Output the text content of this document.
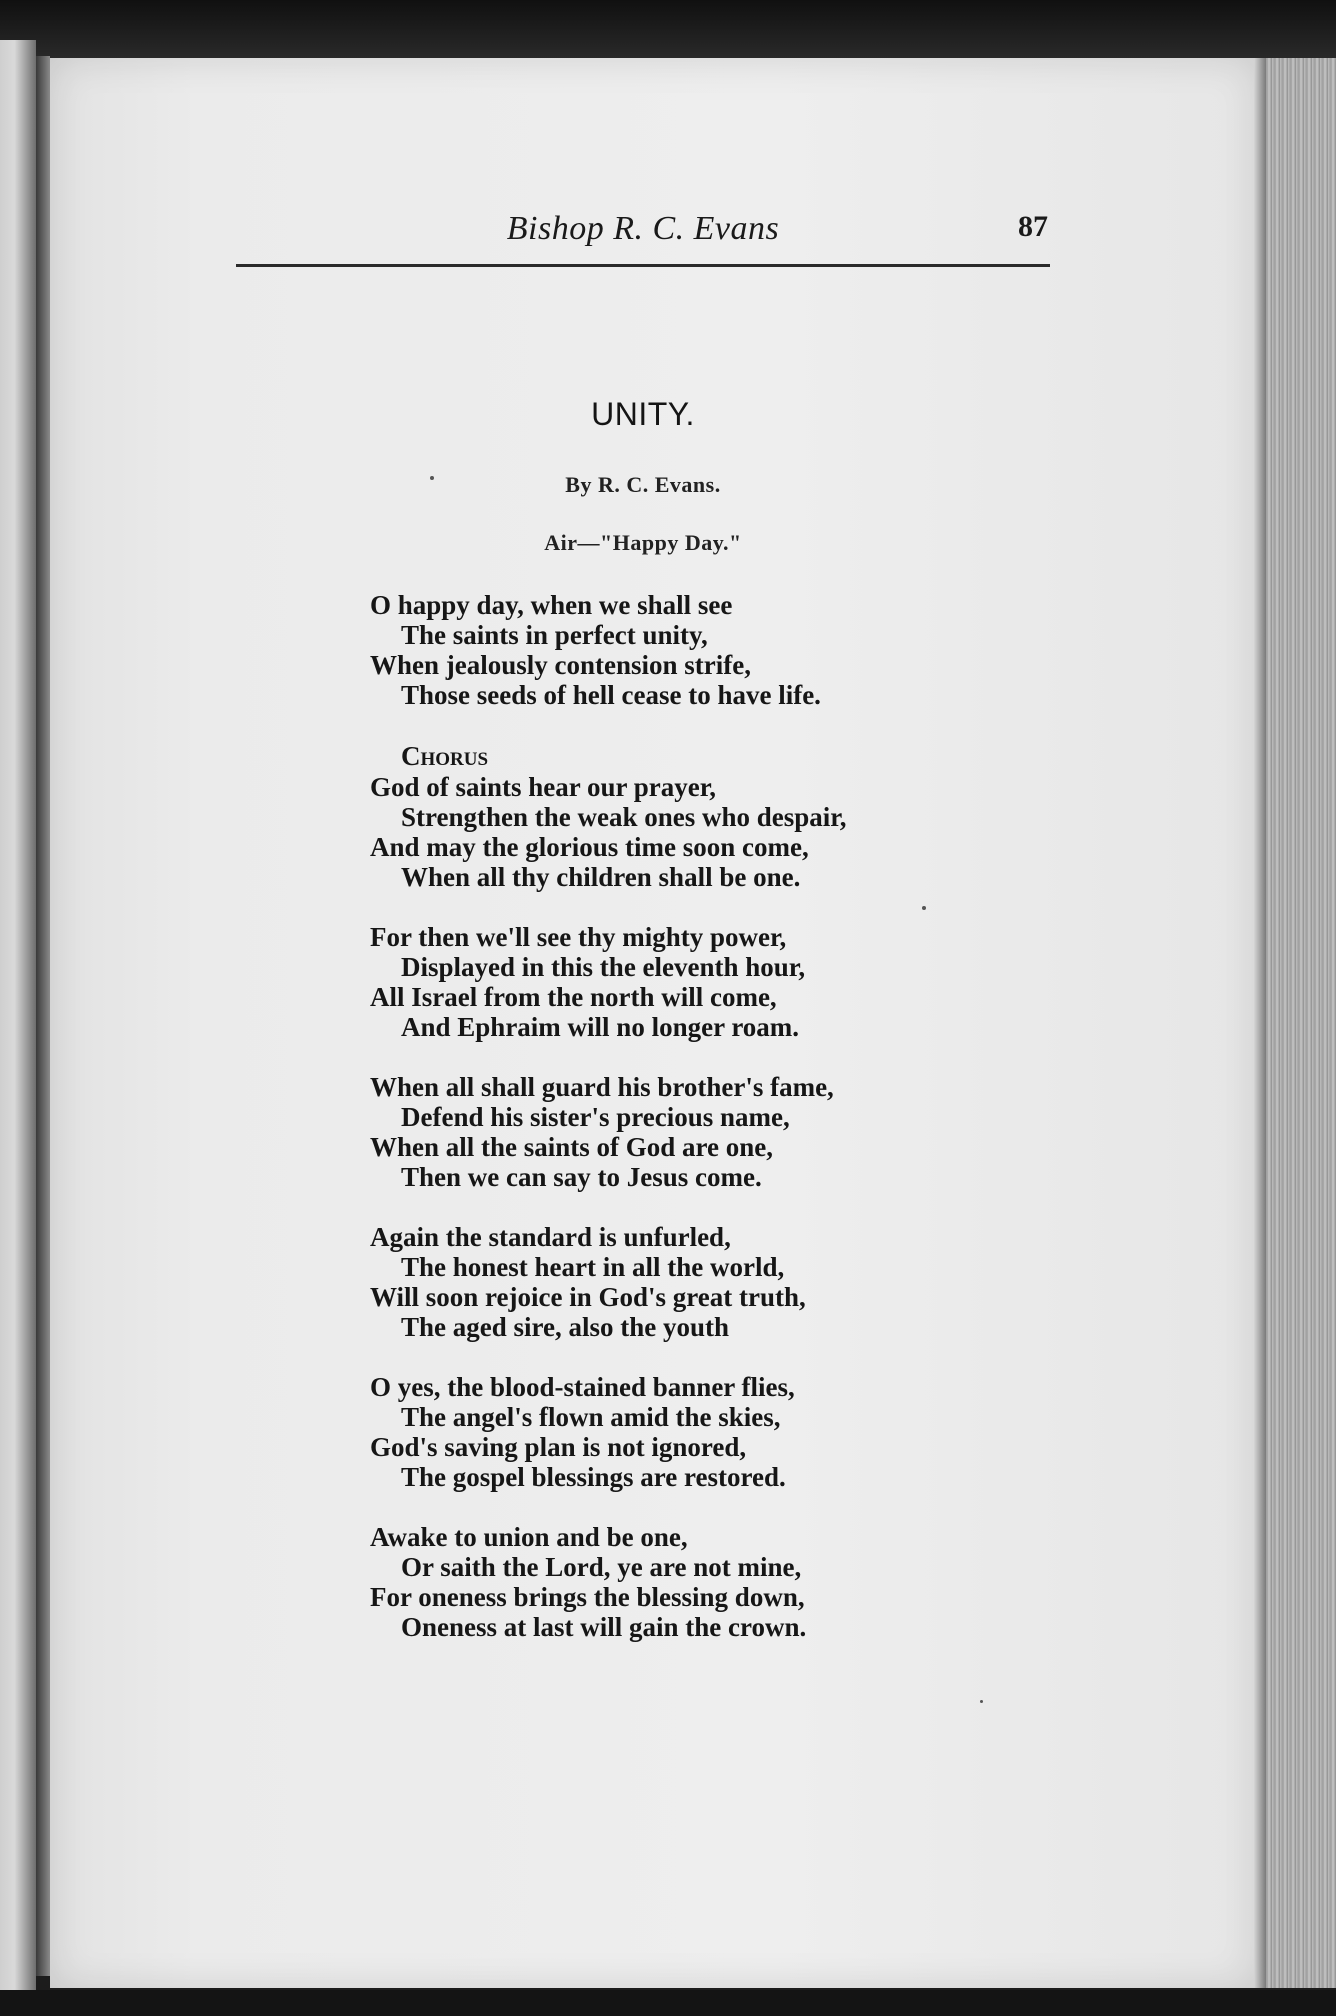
Bishop R. C. Evans	87
UNITY.
By R. C. Evans.
Air—"Happy Day."
O happy day, when we shall see
The saints in perfect unity,
When jealously contension strife,
Those seeds of hell cease to have life.
Chorus
God of saints hear our prayer,
Strengthen the weak ones who despair,
And may the glorious time soon come,
When all thy children shall be one.
For then we'll see thy mighty power,
Displayed in this the eleventh hour,
All Israel from the north will come,
And Ephraim will no longer roam.
When all shall guard his brother's fame,
Defend his sister's precious name,
When all the saints of God are one,
Then we can say to Jesus come.
Again the standard is unfurled,
The honest heart in all the world,
Will soon rejoice in God's great truth,
The aged sire, also the youth
O yes, the blood-stained banner flies,
The angel's flown amid the skies,
God's saving plan is not ignored,
The gospel blessings are restored.
Awake to union and be one,
Or saith the Lord, ye are not mine,
For oneness brings the blessing down,
Oneness at last will gain the crown.
